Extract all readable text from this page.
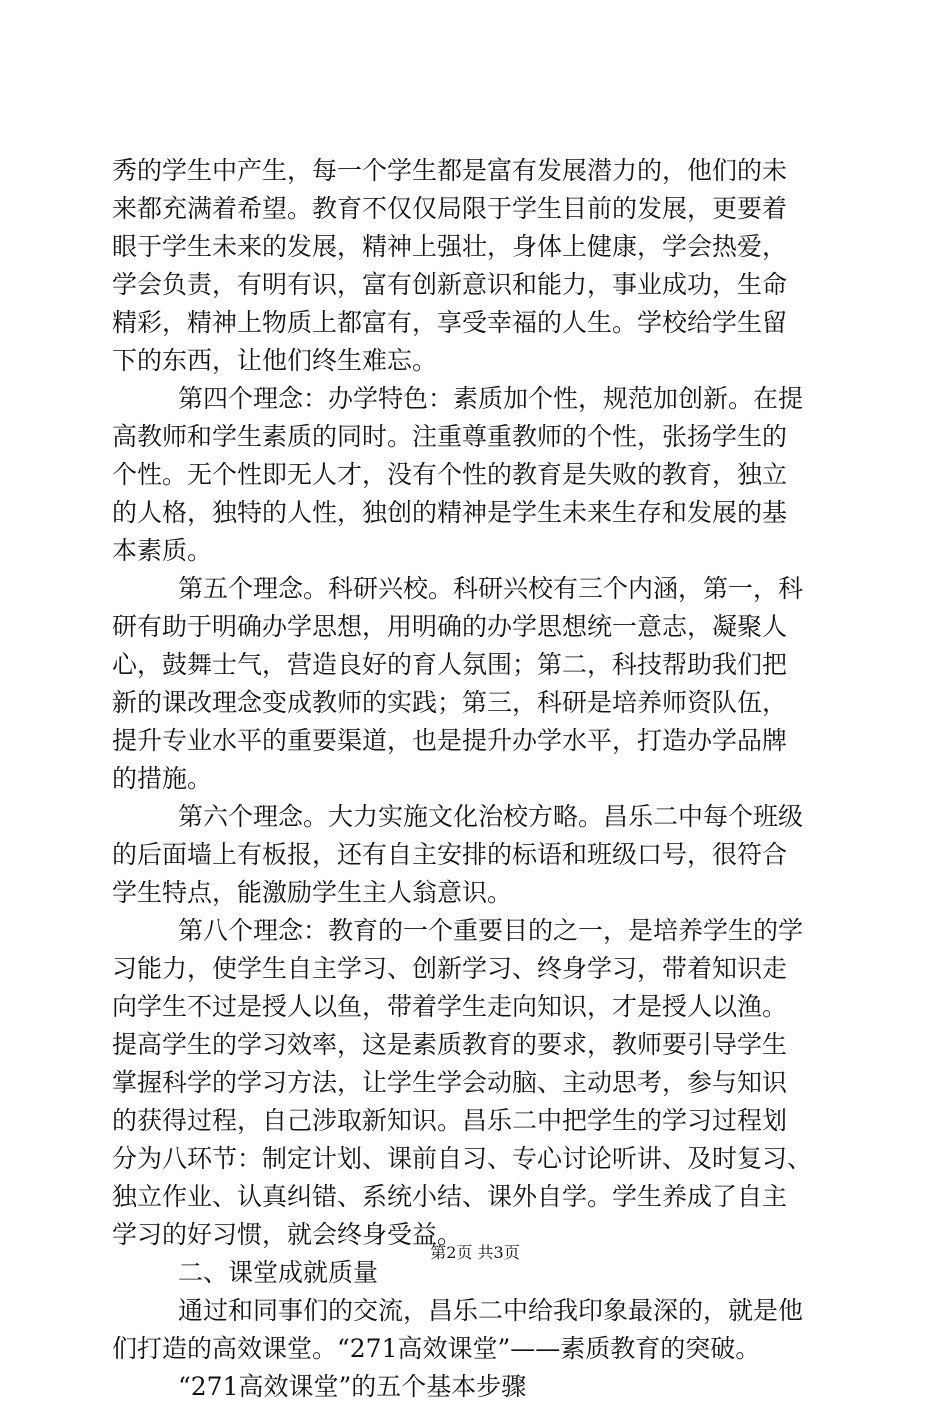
秀的学生中产生，每一个学生都是富有发展潜力的，他们的未
来都充满着希望。教育不仅仅局限于学生目前的发展，更要着
眼于学生未来的发展，精神上强壮，身体上健康，学会热爱，
学会负责，有明有识，富有创新意识和能力，事业成功，生命
精彩，精神上物质上都富有，享受幸福的人生。学校给学生留
下的东西，让他们终生难忘。
第四个理念：办学特色：素质加个性，规范加创新。在提
高教师和学生素质的同时。注重尊重教师的个性，张扬学生的
个性。无个性即无人才，没有个性的教育是失败的教育，独立
的人格，独特的人性，独创的精神是学生未来生存和发展的基
本素质。
第五个理念。科研兴校。科研兴校有三个内涵，第一，科
研有助于明确办学思想，用明确的办学思想统一意志，凝聚人
心，鼓舞士气，营造良好的育人氛围；第二，科技帮助我们把
新的课改理念变成教师的实践；第三，科研是培养师资队伍，
提升专业水平的重要渠道，也是提升办学水平，打造办学品牌
的措施。
第六个理念。大力实施文化治校方略。昌乐二中每个班级
的后面墙上有板报，还有自主安排的标语和班级口号，很符合
学生特点，能激励学生主人翁意识。
第八个理念：教育的一个重要目的之一，是培养学生的学
习能力，使学生自主学习、创新学习、终身学习，带着知识走
向学生不过是授人以鱼，带着学生走向知识，才是授人以渔。
提高学生的学习效率，这是素质教育的要求，教师要引导学生
掌握科学的学习方法，让学生学会动脑、主动思考，参与知识
的获得过程，自己涉取新知识。昌乐二中把学生的学习过程划
分为八环节：制定计划、课前自习、专心讨论听讲、及时复习、
独立作业、认真纠错、系统小结、课外自学。学生养成了自主
学习的好习惯，就会终身受益。
二、课堂成就质量
通过和同事们的交流，昌乐二中给我印象最深的，就是他
们打造的高效课堂。“271高效课堂”——素质教育的突破。
“271高效课堂”的五个基本步骤
第2页 共3页
